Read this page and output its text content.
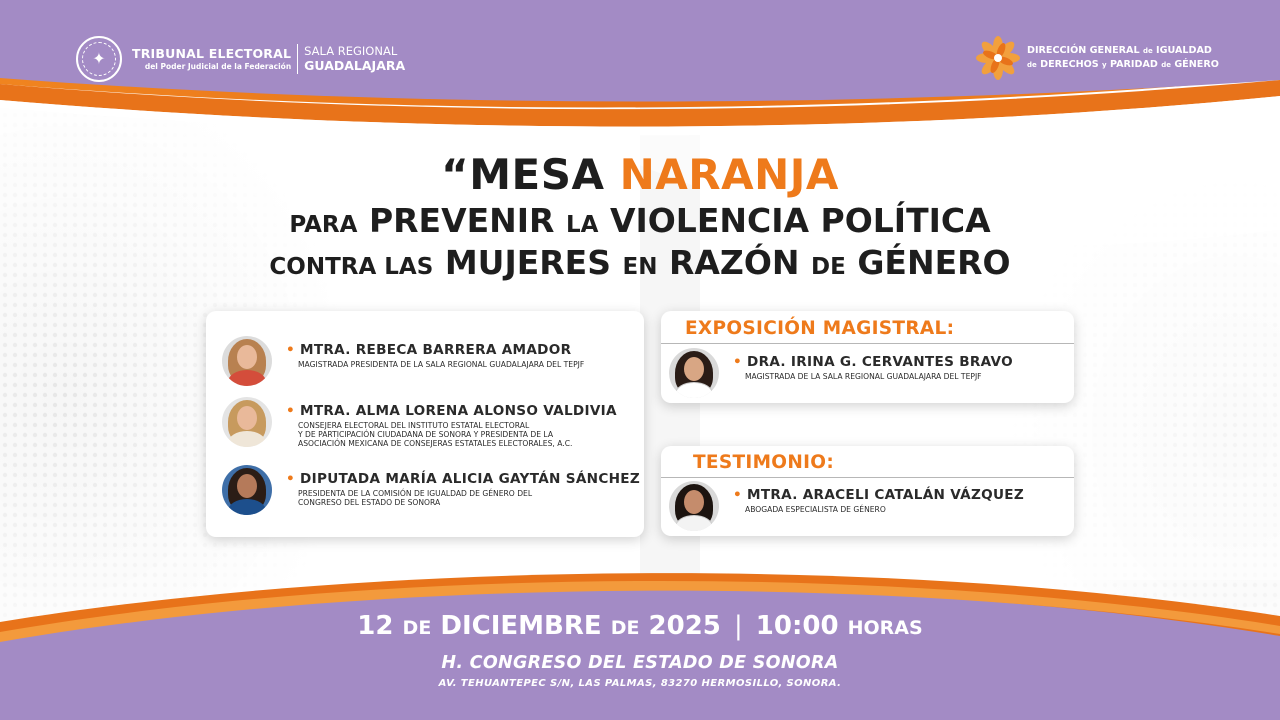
✦	TRIBUNAL ELECTORAL
del Poder Judicial de la Federación
SALA REGIONAL
GUADALAJARA
DIRECCIÓN GENERAL de IGUALDAD
de DERECHOS y PARIDAD de GÉNERO
“MESA NARANJA
PARA PREVENIR LA VIOLENCIA POLÍTICA
CONTRA LAS MUJERES EN RAZÓN DE GÉNERO
• MTRA. REBECA BARRERA AMADOR
MAGISTRADA PRESIDENTA DE LA SALA REGIONAL GUADALAJARA DEL TEPJF
• MTRA. ALMA LORENA ALONSO VALDIVIA
CONSEJERA ELECTORAL DEL INSTITUTO ESTATAL ELECTORAL
Y DE PARTICIPACIÓN CIUDADANA DE SONORA Y PRESIDENTA DE LA
ASOCIACIÓN MEXICANA DE CONSEJERAS ESTATALES ELECTORALES, A.C.
• DIPUTADA MARÍA ALICIA GAYTÁN SÁNCHEZ
PRESIDENTA DE LA COMISIÓN DE IGUALDAD DE GÉNERO DEL
CONGRESO DEL ESTADO DE SONORA
EXPOSICIÓN MAGISTRAL:
• DRA. IRINA G. CERVANTES BRAVO
MAGISTRADA DE LA SALA REGIONAL GUADALAJARA DEL TEPJF
TESTIMONIO:
• MTRA. ARACELI CATALÁN VÁZQUEZ
ABOGADA ESPECIALISTA DE GÉNERO
12 DE DICIEMBRE DE 2025 | 10:00 HORAS
H. CONGRESO DEL ESTADO DE SONORA
AV. TEHUANTEPEC S/N, LAS PALMAS, 83270 HERMOSILLO, SONORA.
